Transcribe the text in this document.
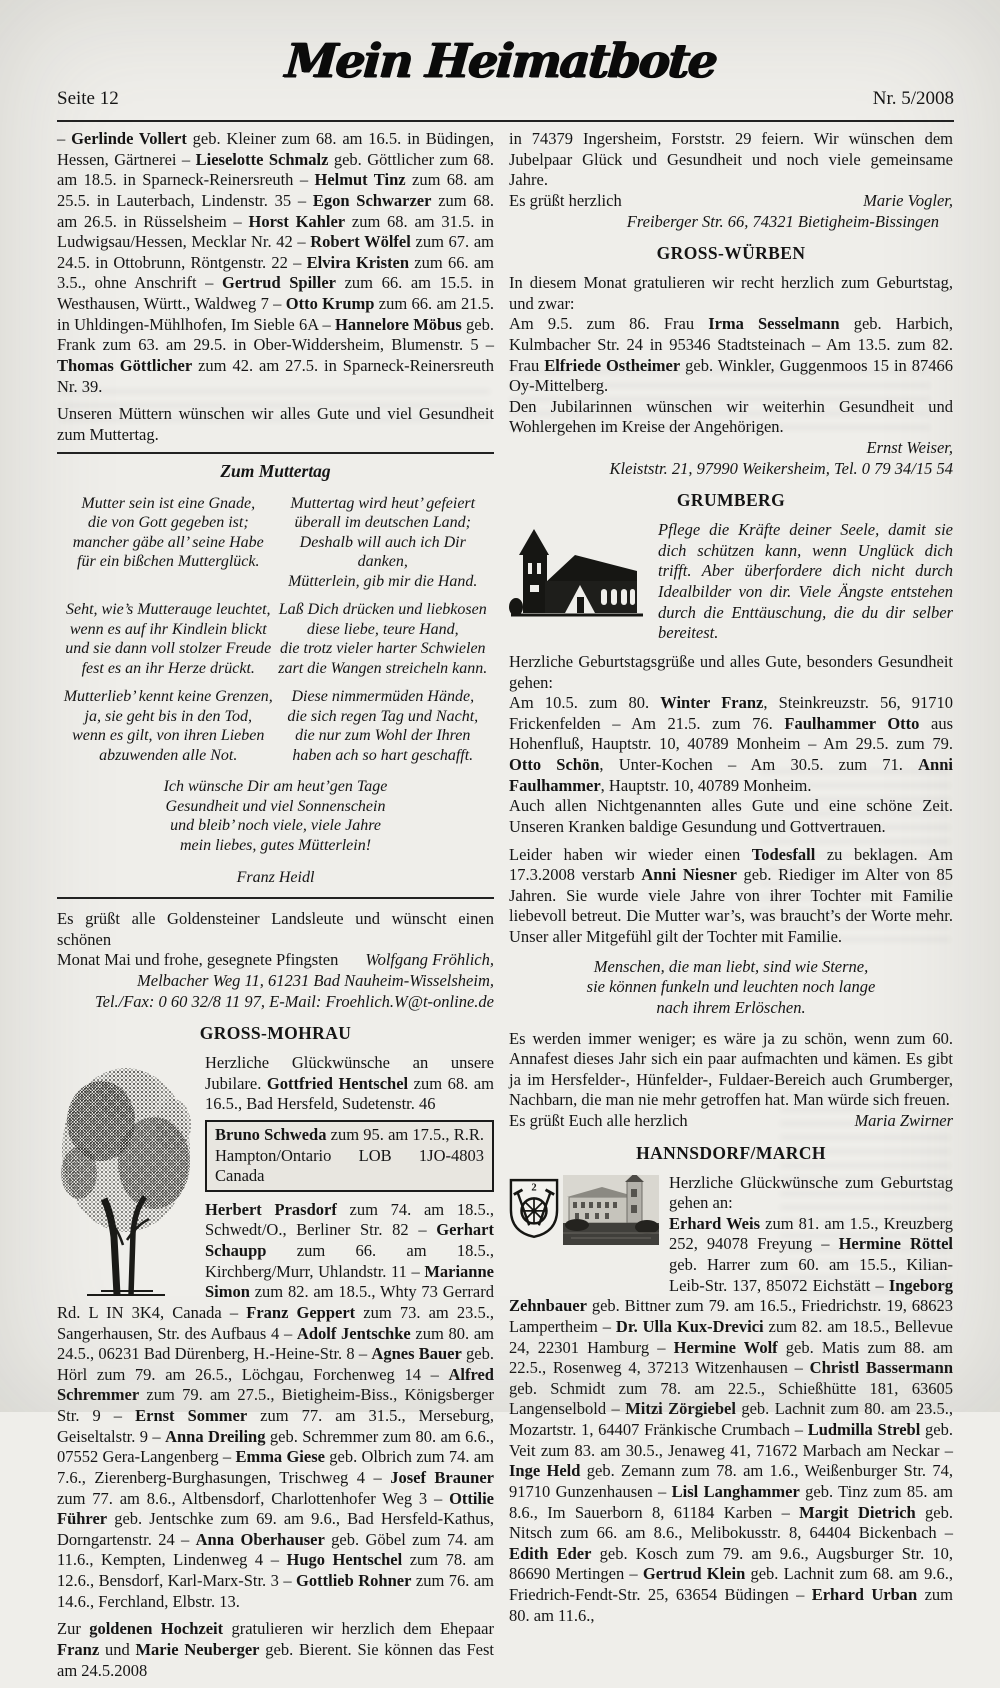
Mein Heimatbote
Seite 12	Nr. 5/2008

– Gerlinde Vollert geb. Kleiner zum 68. am 16.5. in Büdingen, Hessen, Gärtnerei – Lieselotte Schmalz geb. Göttlicher zum 68. am 18.5. in Sparneck-Reinersreuth – Helmut Tinz zum 68. am 25.5. in Lauterbach, Lindenstr. 35 – Egon Schwarzer zum 68. am 26.5. in Rüsselsheim – Horst Kahler zum 68. am 31.5. in Ludwigsau/Hessen, Mecklar Nr. 42 – Robert Wölfel zum 67. am 24.5. in Ottobrunn, Röntgenstr. 22 – Elvira Kristen zum 66. am 3.5., ohne Anschrift – Gertrud Spiller zum 66. am 15.5. in Westhausen, Württ., Waldweg 7 – Otto Krump zum 66. am 21.5. in Uhldingen-Mühlhofen, Im Sieble 6A – Hannelore Möbus geb. Frank zum 63. am 29.5. in Ober-Widdersheim, Blumenstr. 5 – Thomas Göttlicher zum 42. am 27.5. in Sparneck-Reinersreuth Nr. 39.

Unseren Müttern wünschen wir alles Gute und viel Gesundheit zum Muttertag.

Zum Muttertag
Mutter sein ist eine Gnade,
die von Gott gegeben ist;
mancher gäbe all’ seine Habe
für ein bißchen Mutterglück.
Muttertag wird heut’ gefeiert
überall im deutschen Land;
Deshalb will auch ich Dir danken,
Mütterlein, gib mir die Hand.
Seht, wie’s Mutterauge leuchtet,
wenn es auf ihr Kindlein blickt
und sie dann voll stolzer Freude
fest es an ihr Herze drückt.
Laß Dich drücken und liebkosen
diese liebe, teure Hand,
die trotz vieler harter Schwielen
zart die Wangen streicheln kann.
Mutterlieb’ kennt keine Grenzen,
ja, sie geht bis in den Tod,
wenn es gilt, von ihren Lieben
abzuwenden alle Not.
Diese nimmermüden Hände,
die sich regen Tag und Nacht,
die nur zum Wohl der Ihren
haben ach so hart geschafft.
Ich wünsche Dir am heut’gen Tage
Gesundheit und viel Sonnenschein
und bleib’ noch viele, viele Jahre
mein liebes, gutes Mütterlein!
Franz Heidl

Es grüßt alle Goldensteiner Landsleute und wünscht einen schönen

Monat Mai und frohe, gesegnete Pfingsten Wolfgang Fröhlich,
Melbacher Weg 11, 61231 Bad Nauheim-Wisselsheim,
Tel./Fax: 0 60 32/8 11 97, E-Mail: Froehlich.W@t-online.de
GROSS-MOHRAU

Herzliche Glückwünsche an unsere Jubilare. Gottfried Hentschel zum 68. am 16.5., Bad Hersfeld, Sudetenstr. 46

Bruno Schweda zum 95. am 17.5., R.R. Hampton/Ontario LOB 1JO-4803 Canada

Herbert Prasdorf zum 74. am 18.5., Schwedt/O., Berliner Str. 82 – Gerhart Schaupp zum 66. am 18.5., Kirchberg/Murr, Uhlandstr. 11 – Marianne Simon zum 82. am 18.5., Whty 73 Gerrard Rd. L IN 3K4, Canada – Franz Geppert zum 73. am 23.5., Sangerhausen, Str. des Aufbaus 4 – Adolf Jentschke zum 80. am 24.5., 06231 Bad Dürenberg, H.-Heine-Str. 8 – Agnes Bauer geb. Hörl zum 79. am 26.5., Löchgau, Forchenweg 14 – Alfred Schremmer zum 79. am 27.5., Bietigheim-Biss., Königsberger Str. 9 – Ernst Sommer zum 77. am 31.5., Merseburg, Geiseltalstr. 9 – Anna Dreiling geb. Schremmer zum 80. am 6.6., 07552 Gera-Langenberg – Emma Giese geb. Olbrich zum 74. am 7.6., Zierenberg-Burghasungen, Trischweg 4 – Josef Brauner zum 77. am 8.6., Altbensdorf, Charlottenhofer Weg 3 – Ottilie Führer geb. Jentschke zum 69. am 9.6., Bad Hersfeld-Kathus, Dorngartenstr. 24 – Anna Oberhauser geb. Göbel zum 74. am 11.6., Kempten, Lindenweg 4 – Hugo Hentschel zum 78. am 12.6., Bensdorf, Karl-Marx-Str. 3 – Gottlieb Rohner zum 76. am 14.6., Ferchland, Elbstr. 13.

Zur goldenen Hochzeit gratulieren wir herzlich dem Ehepaar Franz und Marie Neuberger geb. Bierent. Sie können das Fest am 24.5.2008

in 74379 Ingersheim, Forststr. 29 feiern. Wir wünschen dem Jubelpaar Glück und Gesundheit und noch viele gemeinsame Jahre.

Es grüßt herzlich	Marie Vogler,
Freiberger Str. 66, 74321 Bietigheim-Bissingen
GROSS-WÜRBEN

In diesem Monat gratulieren wir recht herzlich zum Geburtstag, und zwar:

Am 9.5. zum 86. Frau Irma Sesselmann geb. Harbich, Kulmbacher Str. 24 in 95346 Stadtsteinach – Am 13.5. zum 82. Frau Elfriede Ostheimer geb. Winkler, Guggenmoos 15 in 87466 Oy-Mittelberg.

Den Jubilarinnen wünschen wir weiterhin Gesundheit und Wohlergehen im Kreise der Angehörigen.

Ernst Weiser,
Kleiststr. 21, 97990 Weikersheim, Tel. 0 79 34/15 54
GRUMBERG

Pflege die Kräfte deiner Seele, damit sie dich schützen kann, wenn Unglück dich trifft. Aber überfordere dich nicht durch Idealbilder von dir. Viele Ängste entstehen durch die Enttäuschung, die du dir selber bereitest.

Herzliche Geburtstagsgrüße und alles Gute, besonders Gesundheit gehen:

Am 10.5. zum 80. Winter Franz, Steinkreuzstr. 56, 91710 Frickenfelden – Am 21.5. zum 76. Faulhammer Otto aus Hohenfluß, Hauptstr. 10, 40789 Monheim – Am 29.5. zum 79. Otto Schön, Unter-Kochen – Am 30.5. zum 71. Anni Faulhammer, Hauptstr. 10, 40789 Monheim.

Auch allen Nichtgenannten alles Gute und eine schöne Zeit. Unseren Kranken baldige Gesundung und Gottvertrauen.

Leider haben wir wieder einen Todesfall zu beklagen. Am 17.3.2008 verstarb Anni Niesner geb. Riediger im Alter von 85 Jahren. Sie wurde viele Jahre von ihrer Tochter mit Familie liebevoll betreut. Die Mutter war’s, was braucht’s der Worte mehr. Unser aller Mitgefühl gilt der Tochter mit Familie.

Menschen, die man liebt, sind wie Sterne,
sie können funkeln und leuchten noch lange
nach ihrem Erlöschen.

Es werden immer weniger; es wäre ja zu schön, wenn zum 60. Annafest dieses Jahr sich ein paar aufmachten und kämen. Es gibt ja im Hersfelder-, Hünfelder-, Fuldaer-Bereich auch Grumberger, Nachbarn, die man nie mehr getroffen hat. Man würde sich freuen.

Es grüßt Euch alle herzlich	Maria Zwirner
HANNSDORF/MARCH
2	Herzliche Glückwünsche zum Geburtstag gehen an:

Erhard Weis zum 81. am 1.5., Kreuzberg 252, 94078 Freyung – Hermine Röttel geb. Harrer zum 60. am 15.5., Kilian-Leib-Str. 137, 85072 Eichstätt – Ingeborg Zehnbauer geb. Bittner zum 79. am 16.5., Friedrichstr. 19, 68623 Lampertheim – Dr. Ulla Kux-Drevici zum 82. am 18.5., Bellevue 24, 22301 Hamburg – Hermine Wolf geb. Matis zum 88. am 22.5., Rosenweg 4, 37213 Witzenhausen – Christl Bassermann geb. Schmidt zum 78. am 22.5., Schießhütte 181, 63605 Langenselbold – Mitzi Zörgiebel geb. Lachnit zum 80. am 23.5., Mozartstr. 1, 64407 Fränkische Crumbach – Ludmilla Strebl geb. Veit zum 83. am 30.5., Jenaweg 41, 71672 Marbach am Neckar – Inge Held geb. Zemann zum 78. am 1.6., Weißenburger Str. 74, 91710 Gunzenhausen – Lisl Langhammer geb. Tinz zum 85. am 8.6., Im Sauerborn 8, 61184 Karben – Margit Dietrich geb. Nitsch zum 66. am 8.6., Melibokusstr. 8, 64404 Bickenbach – Edith Eder geb. Kosch zum 79. am 9.6., Augsburger Str. 10, 86690 Mertingen – Gertrud Klein geb. Lachnit zum 68. am 9.6., Friedrich-Fendt-Str. 25, 63654 Büdingen – Erhard Urban zum 80. am 11.6.,
